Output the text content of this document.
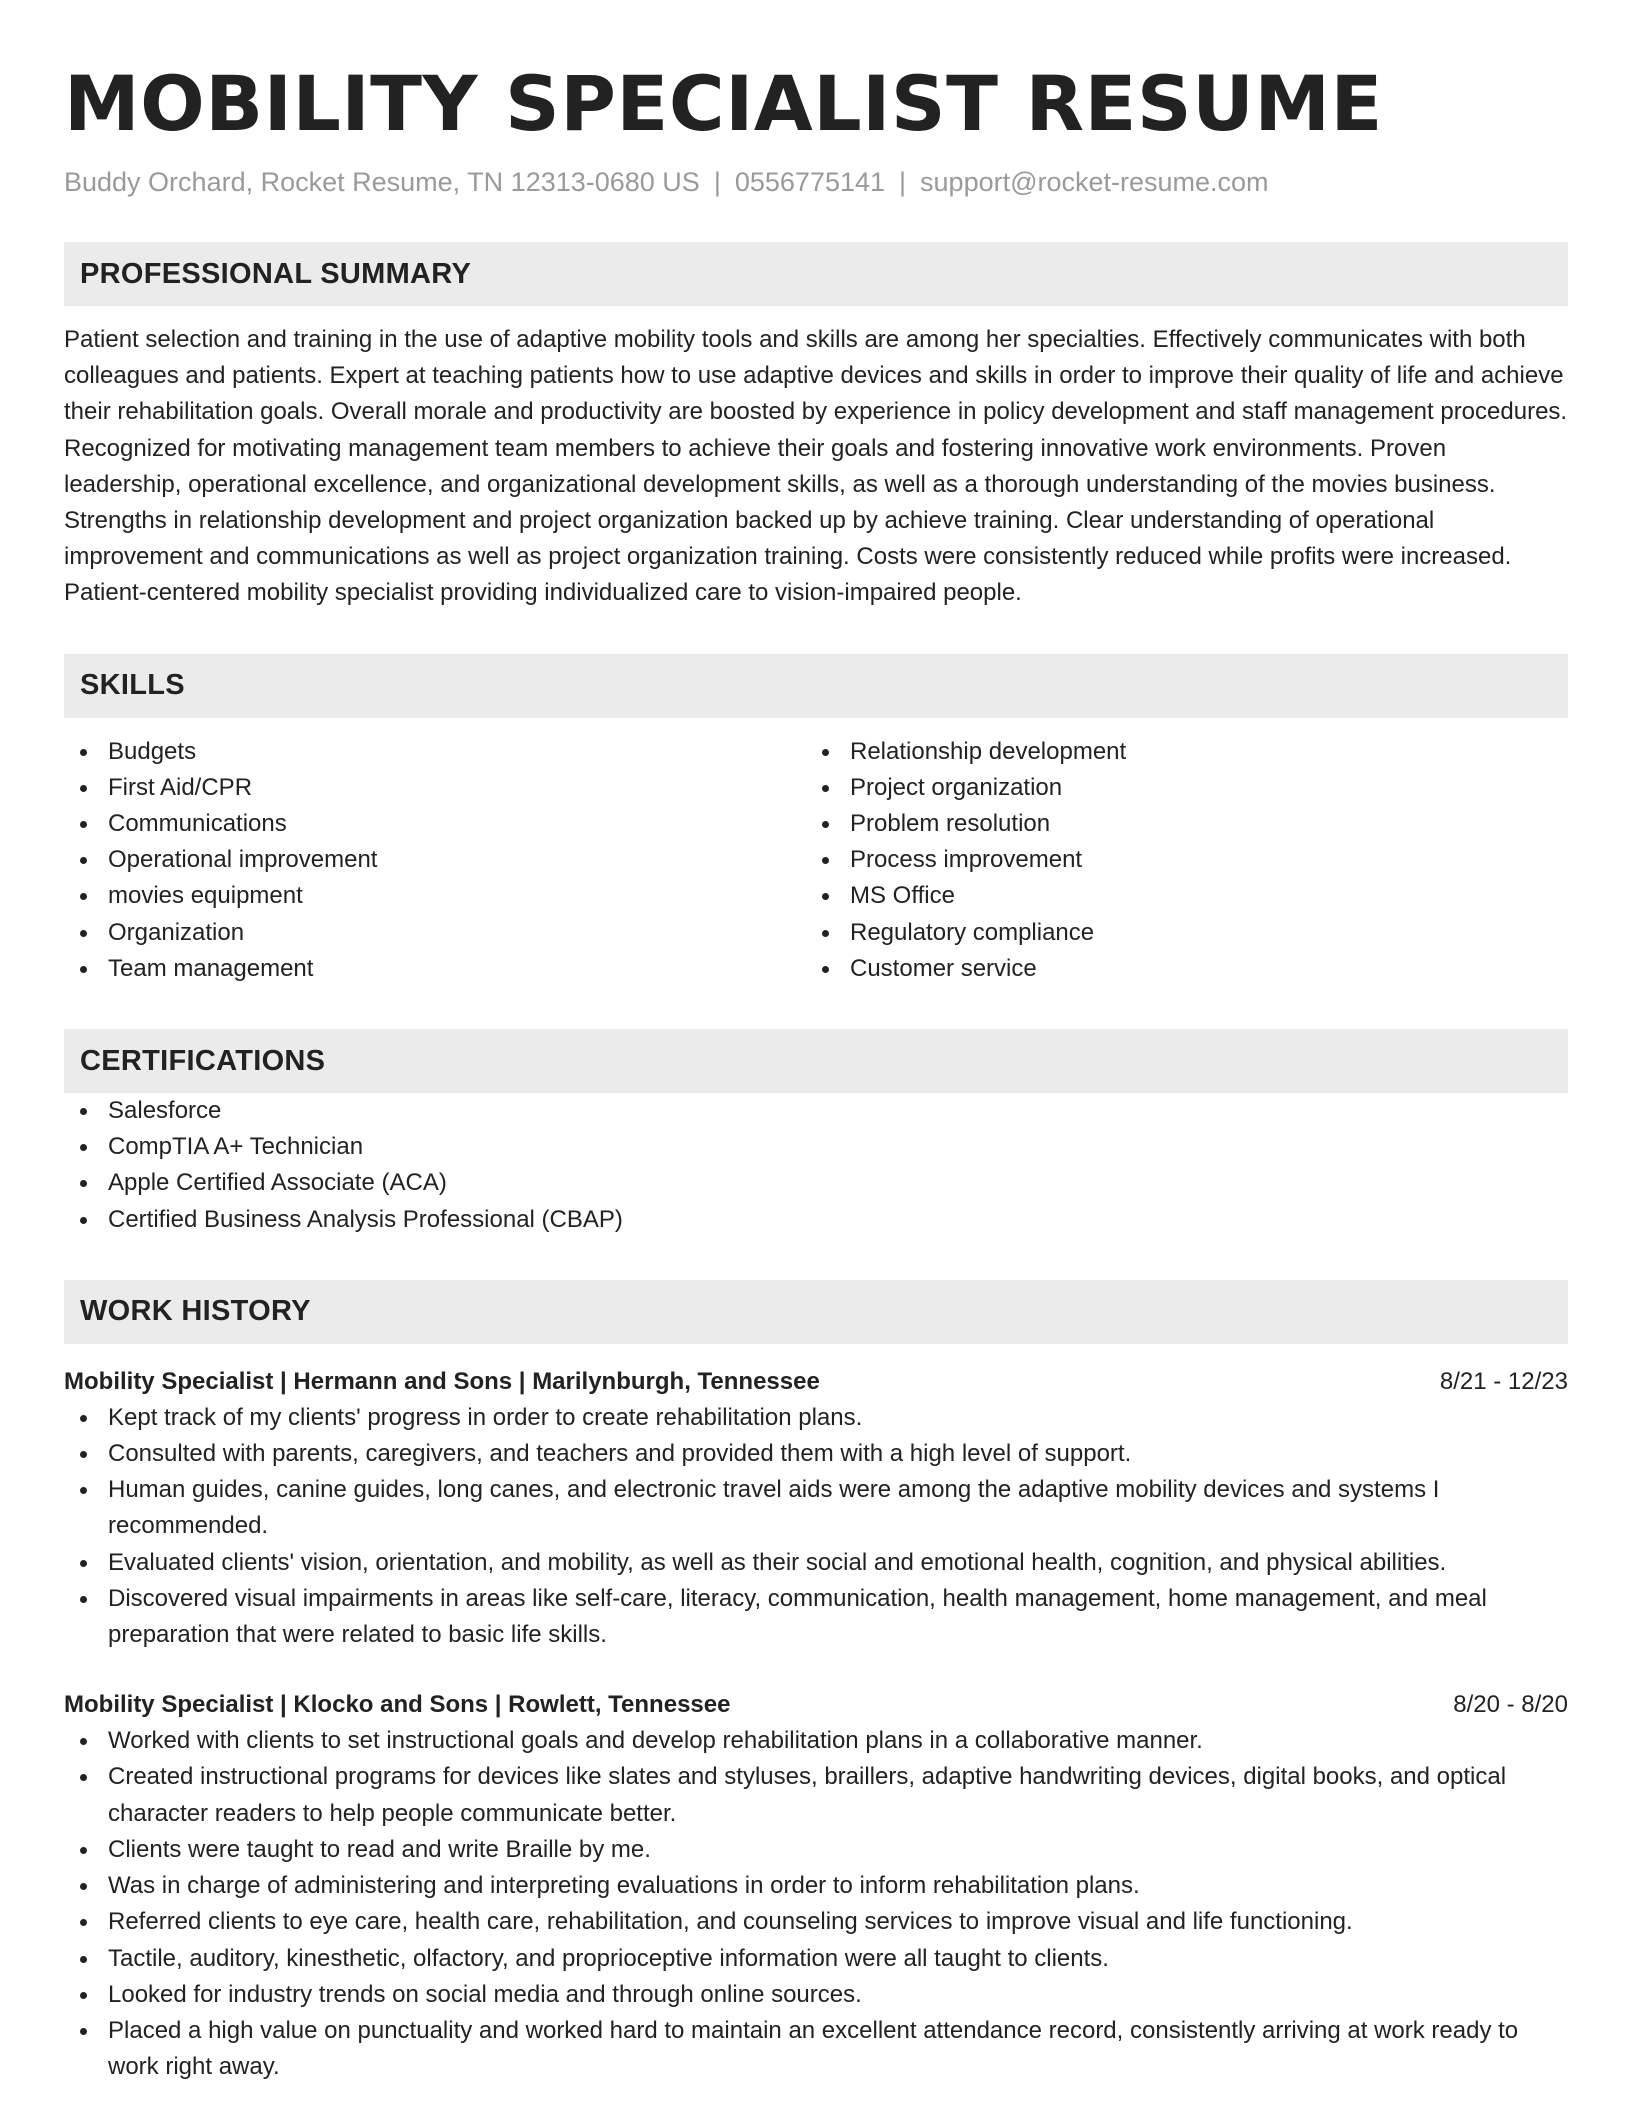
MOBILITY SPECIALIST RESUME
Buddy Orchard, Rocket Resume, TN 12313-0680 US | 0556775141 | support@rocket-resume.com
PROFESSIONAL SUMMARY

Patient selection and training in the use of adaptive mobility tools and skills are among her specialties. Effectively communicates with both colleagues and patients. Expert at teaching patients how to use adaptive devices and skills in order to improve their quality of life and achieve their rehabilitation goals. Overall morale and productivity are boosted by experience in policy development and staff management procedures. Recognized for motivating management team members to achieve their goals and fostering innovative work environments. Proven leadership, operational excellence, and organizational development skills, as well as a thorough understanding of the movies business. Strengths in relationship development and project organization backed up by achieve training. Clear understanding of operational improvement and communications as well as project organization training. Costs were consistently reduced while profits were increased. Patient-centered mobility specialist providing individualized care to vision-impaired people.

SKILLS
Budgets
First Aid/CPR
Communications
Operational improvement
movies equipment
Organization
Team management
Relationship development
Project organization
Problem resolution
Process improvement
MS Office
Regulatory compliance
Customer service
CERTIFICATIONS
Salesforce
CompTIA A+ Technician
Apple Certified Associate (ACA)
Certified Business Analysis Professional (CBAP)
WORK HISTORY
Mobility Specialist | Hermann and Sons | Marilynburgh, Tennessee	8/21 - 12/23
Kept track of my clients' progress in order to create rehabilitation plans.
Consulted with parents, caregivers, and teachers and provided them with a high level of support.
Human guides, canine guides, long canes, and electronic travel aids were among the adaptive mobility devices and systems I recommended.
Evaluated clients' vision, orientation, and mobility, as well as their social and emotional health, cognition, and physical abilities.
Discovered visual impairments in areas like self-care, literacy, communication, health management, home management, and meal preparation that were related to basic life skills.
Mobility Specialist | Klocko and Sons | Rowlett, Tennessee	8/20 - 8/20
Worked with clients to set instructional goals and develop rehabilitation plans in a collaborative manner.
Created instructional programs for devices like slates and styluses, braillers, adaptive handwriting devices, digital books, and optical character readers to help people communicate better.
Clients were taught to read and write Braille by me.
Was in charge of administering and interpreting evaluations in order to inform rehabilitation plans.
Referred clients to eye care, health care, rehabilitation, and counseling services to improve visual and life functioning.
Tactile, auditory, kinesthetic, olfactory, and proprioceptive information were all taught to clients.
Looked for industry trends on social media and through online sources.
Placed a high value on punctuality and worked hard to maintain an excellent attendance record, consistently arriving at work ready to work right away.
